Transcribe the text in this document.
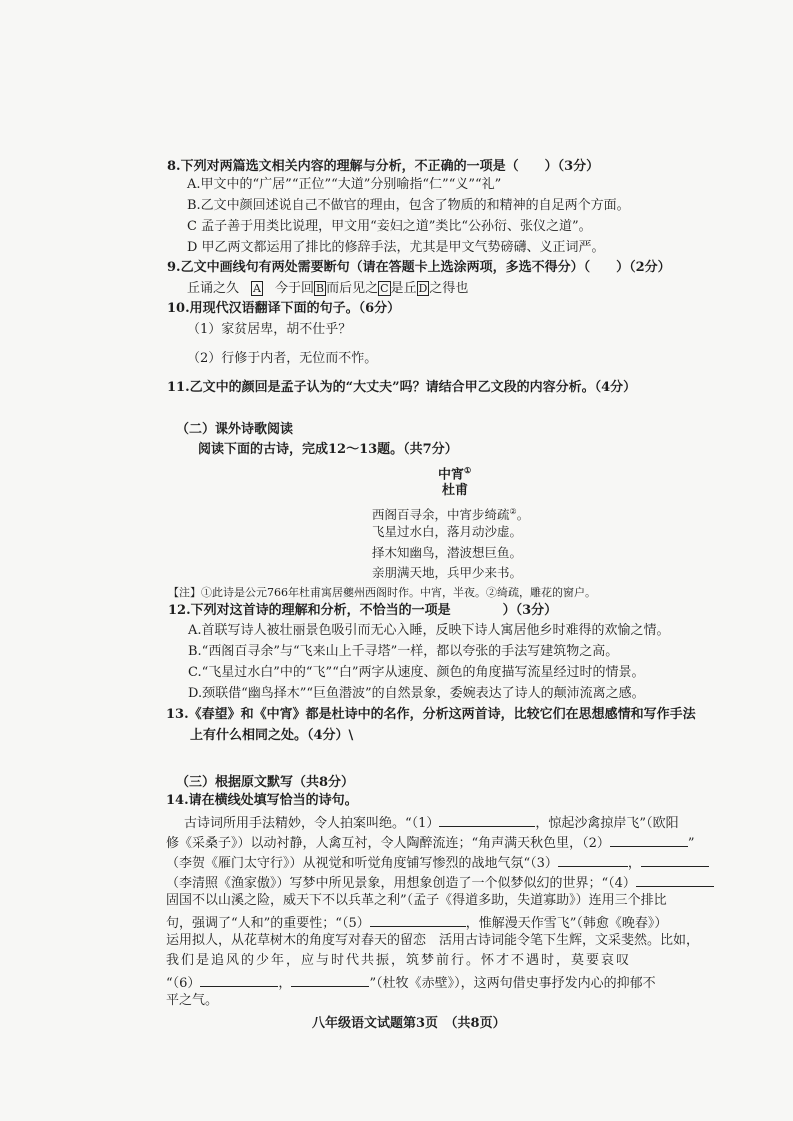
8.下列对两篇选文相关内容的理解与分析，不正确的一项是（　　）（3分）
A.甲文中的“广居”“正位”“大道”分别喻指“仁”“义”“礼”
B.乙文中颜回述说自己不做官的理由，包含了物质的和精神的自足两个方面。
C 孟子善于用类比说理，甲文用“妾妇之道”类比“公孙衍、张仪之道”。
D 甲乙两文都运用了排比的修辞手法，尤其是甲文气势磅礴、义正词严。
9.乙文中画线句有两处需要断句（请在答题卡上选涂两项，多选不得分）（　　）（2分）
丘诵之久 A 今于回 B 而后见之 C 是丘 D 之得也
10.用现代汉语翻译下面的句子。（6分）
（1）家贫居卑，胡不仕乎？
（2）行修于内者，无位而不怍。
11.乙文中的颜回是孟子认为的“大丈夫”吗？请结合甲乙文段的内容分析。（4分）
（二）课外诗歌阅读
阅读下面的古诗，完成12～13题。（共7分）
中宵①
杜甫
西阁百寻余，中宵步绮疏②。
飞星过水白，落月动沙虚。
择木知幽鸟，潜波想巨鱼。
亲朋满天地，兵甲少来书。
【注】①此诗是公元766年杜甫寓居夔州西阁时作。中宵，半夜。②绮疏，雕花的窗户。
12.下列对这首诗的理解和分析，不恰当的一项是　　　　）（3分）
A.首联写诗人被壮丽景色吸引而无心入睡，反映下诗人寓居他乡时难得的欢愉之情。
B.“西阁百寻余”与“飞来山上千寻塔”一样，都以夸张的手法写建筑物之高。
C.“飞星过水白”中的“飞”“白”两字从速度、颜色的角度描写流星经过时的情景。
D.颈联借“幽鸟择木”“巨鱼潜波”的自然景象，委婉表达了诗人的颠沛流离之感。
13.《春望》和《中宵》都是杜诗中的名作，分析这两首诗，比较它们在思想感情和写作手法
上有什么相同之处。（4分）\
（三）根据原文默写（共8分）
14.请在横线处填写恰当的诗句。
古诗词所用手法精妙，令人拍案叫绝。“（1）	，惊起沙禽掠岸飞”（欧阳
修《采桑子》）以动衬静，人禽互衬，令人陶醉流连；“角声满天秋色里，（2）	”
（李贺《雁门太守行》）从视觉和听觉角度铺写惨烈的战地气氛“（3）	，
（李清照《渔家傲》）写梦中所见景象，用想象创造了一个似梦似幻的世界；“（4）
固国不以山溪之险，威天下不以兵革之利”（孟子《得道多助，失道寡助》）连用三个排比
句，强调了“人和”的重要性；“（5）	，惟解漫天作雪飞”（韩愈《晚春》）
运用拟人，从花草树木的角度写对春天的留恋　活用古诗词能令笔下生辉，文采斐然。比如，
我们是追风的少年，应与时代共振，筑梦前行。怀才不遇时，莫要哀叹
“（6）	，	”（杜牧《赤壁》），这两句借史事抒发内心的抑郁不
平之气。
八年级语文试题第3页　（共8页）
